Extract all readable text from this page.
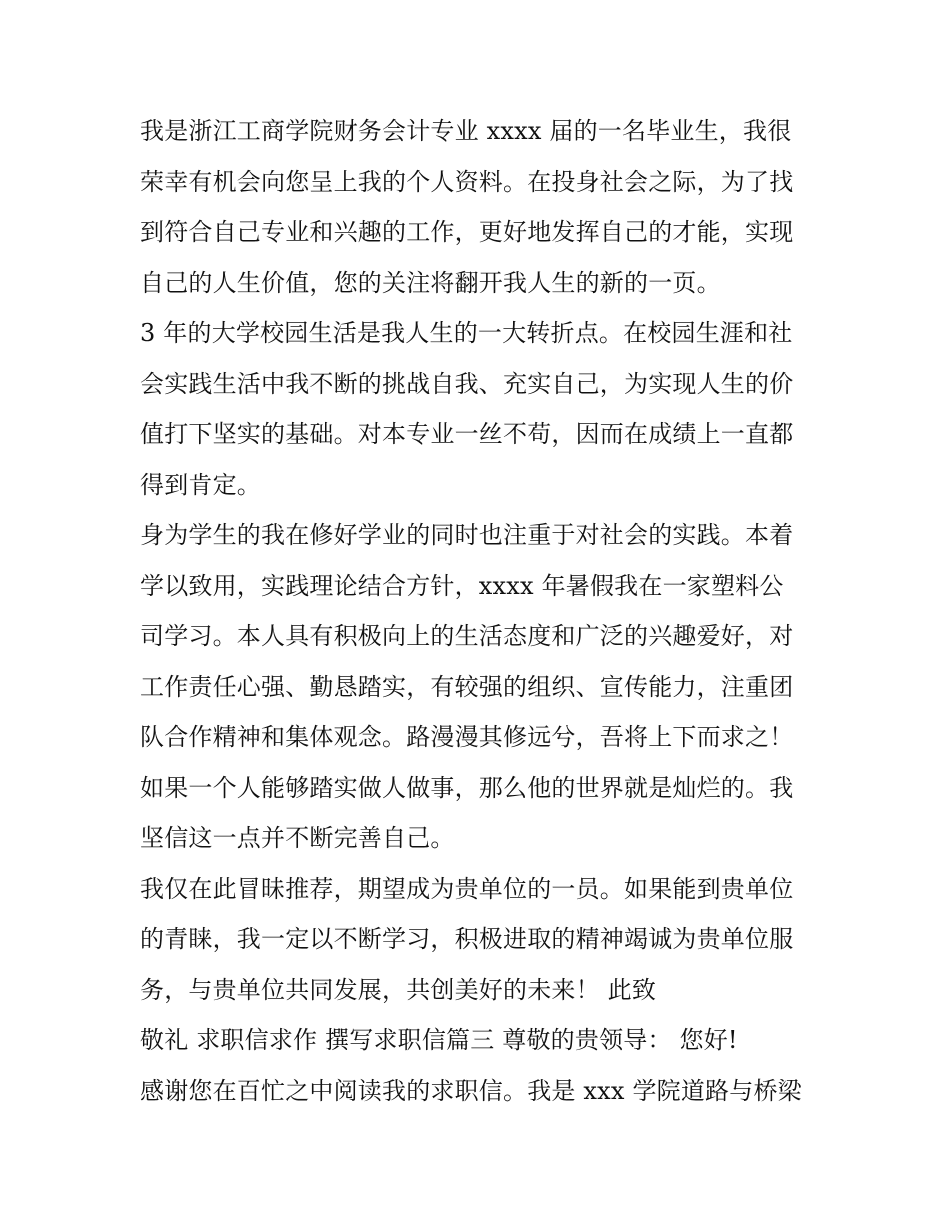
我是浙江工商学院财务会计专业 xxxx 届的一名毕业生，我很
荣幸有机会向您呈上我的个人资料。在投身社会之际，为了找
到符合自己专业和兴趣的工作，更好地发挥自己的才能，实现
自己的人生价值，您的关注将翻开我人生的新的一页。
3 年的大学校园生活是我人生的一大转折点。在校园生涯和社
会实践生活中我不断的挑战自我、充实自己，为实现人生的价
值打下坚实的基础。对本专业一丝不苟，因而在成绩上一直都
得到肯定。
身为学生的我在修好学业的同时也注重于对社会的实践。本着
学以致用，实践理论结合方针，xxxx 年暑假我在一家塑料公
司学习。本人具有积极向上的生活态度和广泛的兴趣爱好，对
工作责任心强、勤恳踏实，有较强的组织、宣传能力，注重团
队合作精神和集体观念。路漫漫其修远兮，吾将上下而求之！
如果一个人能够踏实做人做事，那么他的世界就是灿烂的。我
坚信这一点并不断完善自己。
我仅在此冒昧推荐，期望成为贵单位的一员。如果能到贵单位
的青睐，我一定以不断学习，积极进取的精神竭诚为贵单位服
务，与贵单位共同发展，共创美好的未来！ 此致
敬礼 求职信求作 撰写求职信篇三 尊敬的贵领导： 您好!
感谢您在百忙之中阅读我的求职信。我是 xxx 学院道路与桥梁
